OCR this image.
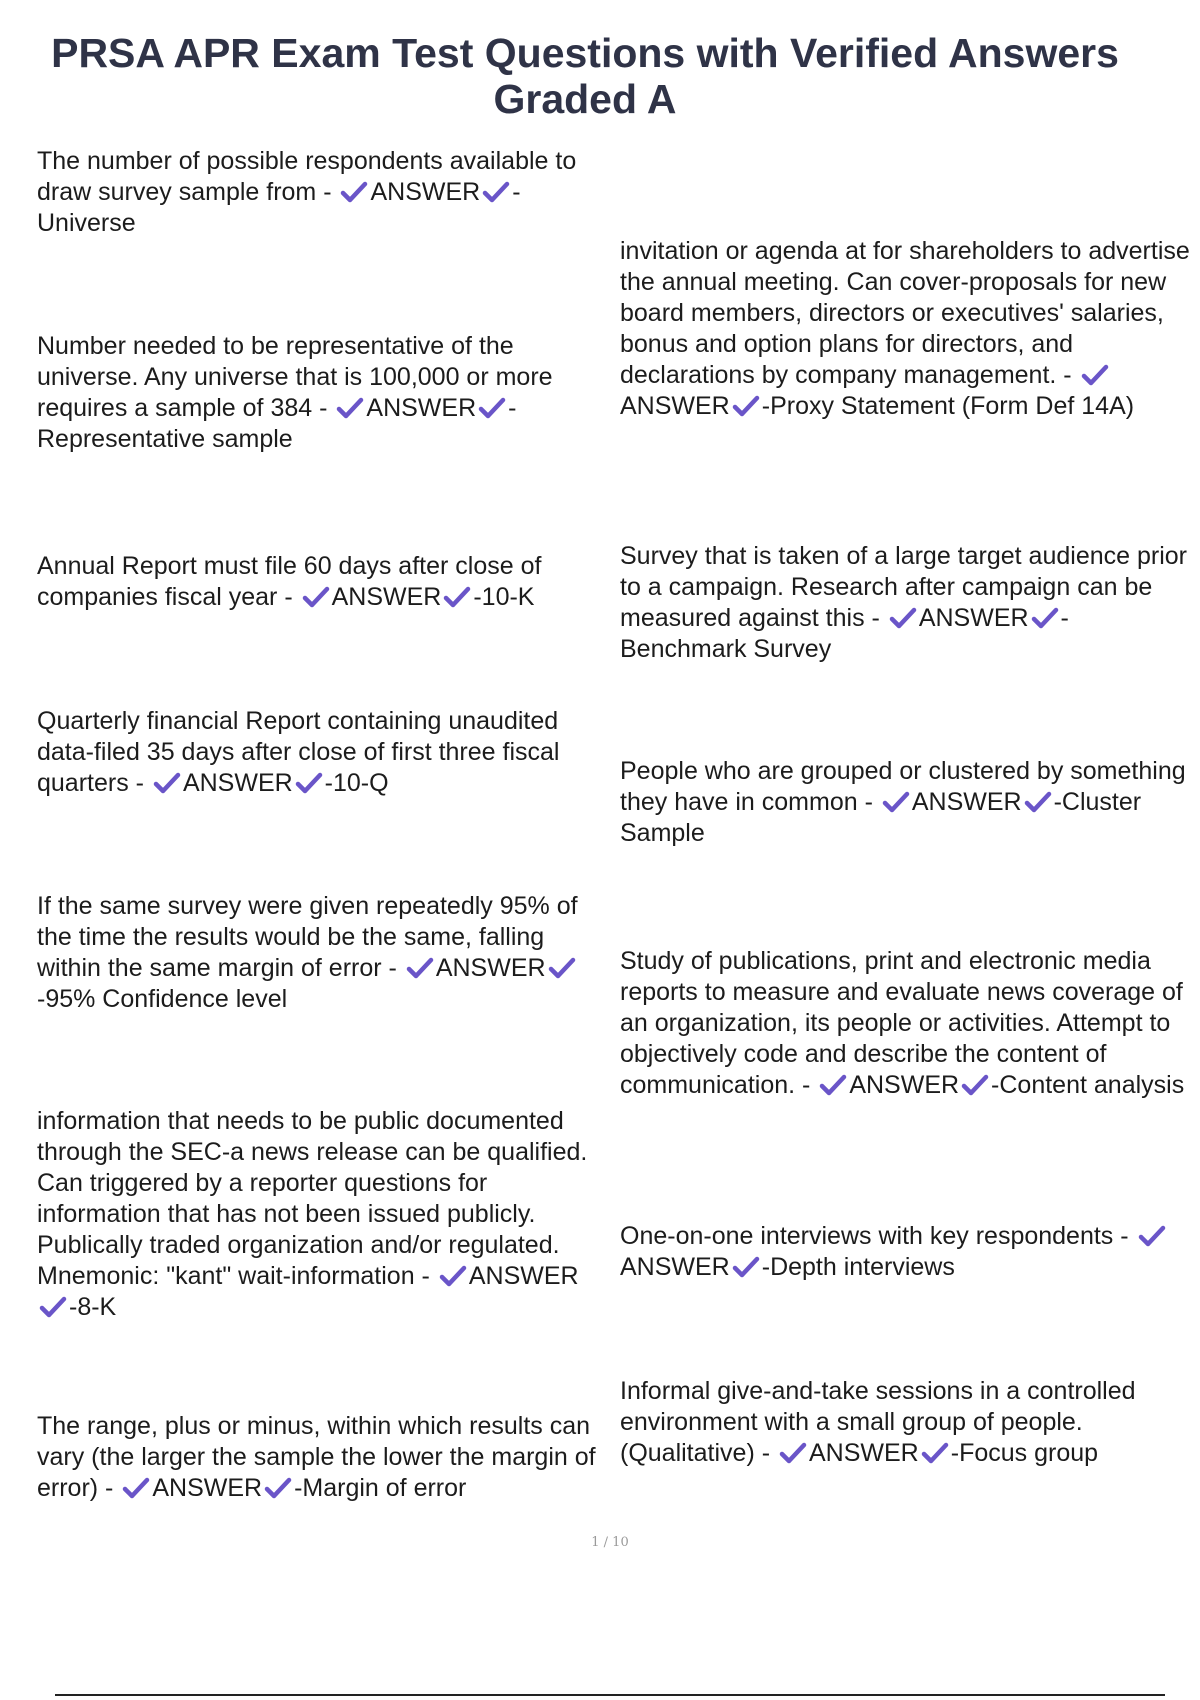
PRSA APR Exam Test Questions with Verified Answers Graded A
The number of possible respondents available to draw survey sample from - ANSWER -Universe
Number needed to be representative of the universe. Any universe that is 100,000 or more requires a sample of 384 - ANSWER -Representative sample
Annual Report must file 60 days after close of companies fiscal year - ANSWER -10-K
Quarterly financial Report containing unaudited data-filed 35 days after close of first three fiscal quarters - ANSWER -10-Q
If the same survey were given repeatedly 95% of the time the results would be the same, falling within the same margin of error - ANSWER
-95% Confidence level
information that needs to be public documented through the SEC-a news release can be qualified. Can triggered by a reporter questions for information that has not been issued publicly. Publically traded organization and/or regulated. Mnemonic: "kant" wait-information - ANSWER
-8-K
The range, plus or minus, within which results can vary (the larger the sample the lower the margin of error) - ANSWER -Margin of error
invitation or agenda at for shareholders to advertise the annual meeting. Can cover-proposals for new board members, directors or executives' salaries, bonus and option plans for directors, and declarations by company management. -
ANSWER -Proxy Statement (Form Def 14A)
Survey that is taken of a large target audience prior to a campaign. Research after campaign can be measured against this - ANSWER -Benchmark Survey
People who are grouped or clustered by something they have in common - ANSWER -Cluster Sample
Study of publications, print and electronic media reports to measure and evaluate news coverage of an organization, its people or activities. Attempt to objectively code and describe the content of communication. - ANSWER -Content analysis
One-on-one interviews with key respondents -
ANSWER -Depth interviews
Informal give-and-take sessions in a controlled environment with a small group of people.(Qualitative) - ANSWER -Focus group
1 / 10
